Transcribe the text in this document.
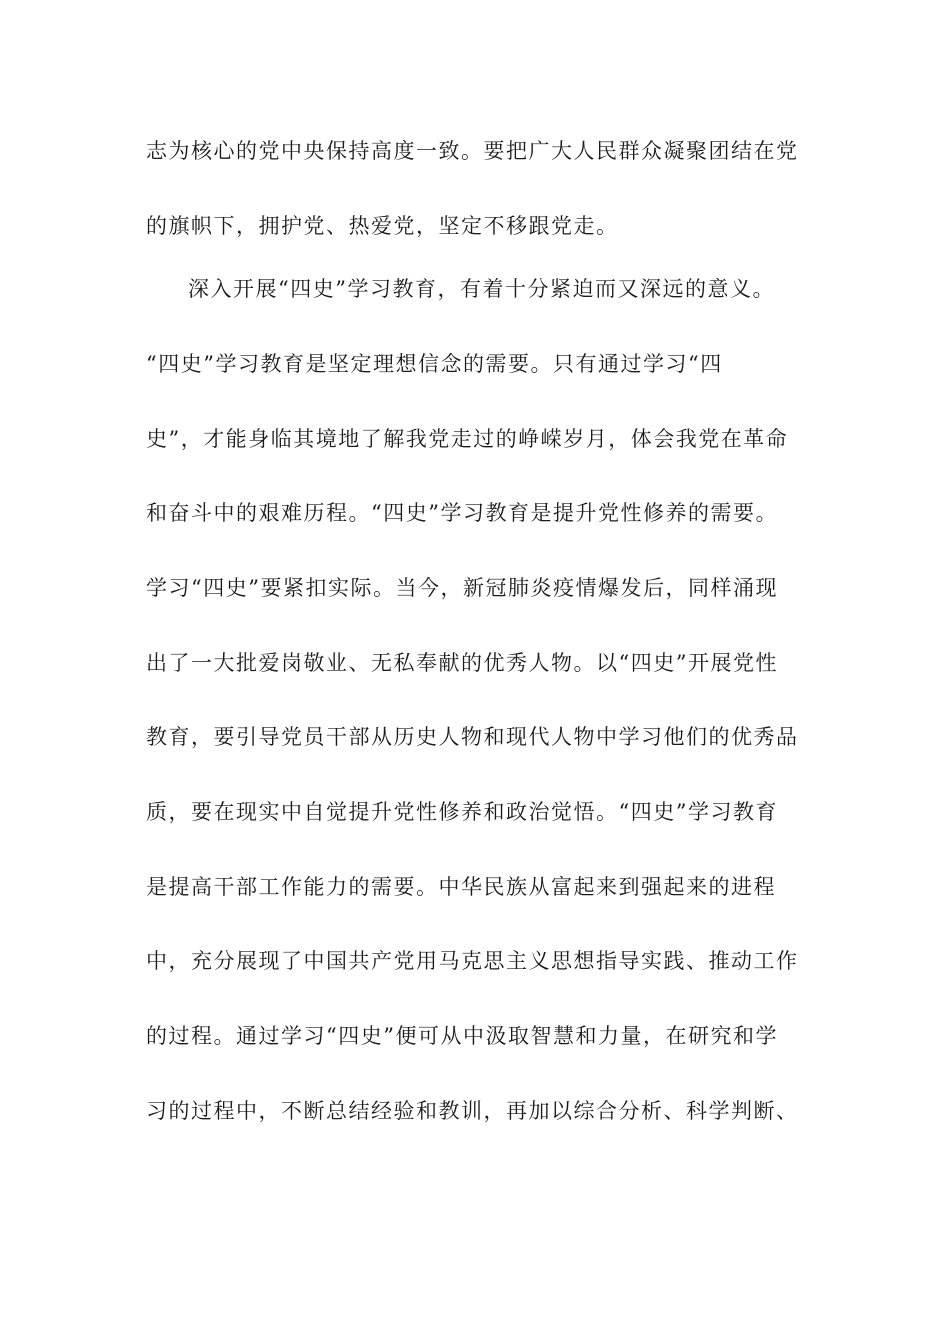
志为核心的党中央保持高度一致。要把广大人民群众凝聚团结在党
的旗帜下，拥护党、热爱党，坚定不移跟党走。
深入开展“四史”学习教育，有着十分紧迫而又深远的意义。
“四史”学习教育是坚定理想信念的需要。只有通过学习“四
史”，才能身临其境地了解我党走过的峥嵘岁月，体会我党在革命
和奋斗中的艰难历程。“四史”学习教育是提升党性修养的需要。
学习“四史”要紧扣实际。当今，新冠肺炎疫情爆发后，同样涌现
出了一大批爱岗敬业、无私奉献的优秀人物。以“四史”开展党性
教育，要引导党员干部从历史人物和现代人物中学习他们的优秀品
质，要在现实中自觉提升党性修养和政治觉悟。“四史”学习教育
是提高干部工作能力的需要。中华民族从富起来到强起来的进程
中，充分展现了中国共产党用马克思主义思想指导实践、推动工作
的过程。通过学习“四史”便可从中汲取智慧和力量，在研究和学
习的过程中，不断总结经验和教训，再加以综合分析、科学判断、
